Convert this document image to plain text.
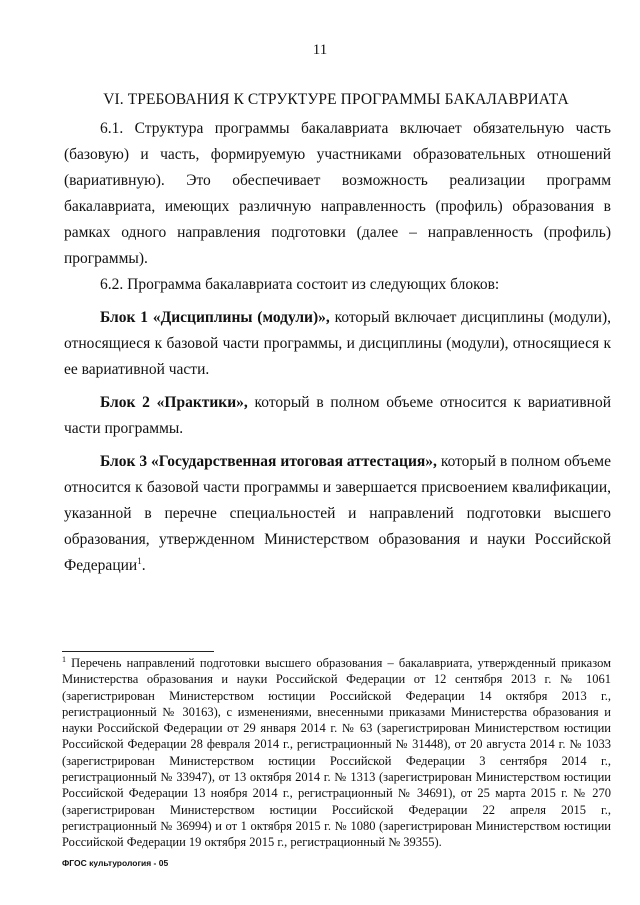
11
VI. ТРЕБОВАНИЯ К СТРУКТУРЕ ПРОГРАММЫ БАКАЛАВРИАТА

6.1. Структура программы бакалавриата включает обязательную часть (базовую) и часть, формируемую участниками образовательных отношений (вариативную). Это обеспечивает возможность реализации программ бакалавриата, имеющих различную направленность (профиль) образования в рамках одного направления подготовки (далее – направленность (профиль) программы).

6.2. Программа бакалавриата состоит из следующих блоков:

Блок 1 «Дисциплины (модули)», который включает дисциплины (модули), относящиеся к базовой части программы, и дисциплины (модули), относящиеся к ее вариативной части.

Блок 2 «Практики», который в полном объеме относится к вариативной части программы.

Блок 3 «Государственная итоговая аттестация», который в полном объеме относится к базовой части программы и завершается присвоением квалификации, указанной в перечне специальностей и направлений подготовки высшего образования, утвержденном Министерством образования и науки Российской Федерации$^1$.

$^1$ Перечень направлений подготовки высшего образования – бакалавриата, утвержденный приказом Министерства образования и науки Российской Федерации от 12 сентября 2013 г. № 1061 (зарегистрирован Министерством юстиции Российской Федерации 14 октября 2013 г., регистрационный № 30163), с изменениями, внесенными приказами Министерства образования и науки Российской Федерации от 29 января 2014 г. № 63 (зарегистрирован Министерством юстиции Российской Федерации 28 февраля 2014 г., регистрационный № 31448), от 20 августа 2014 г. № 1033 (зарегистрирован Министерством юстиции Российской Федерации 3 сентября 2014 г., регистрационный № 33947), от 13 октября 2014 г. № 1313 (зарегистрирован Министерством юстиции Российской Федерации 13 ноября 2014 г., регистрационный № 34691), от 25 марта 2015 г. № 270 (зарегистрирован Министерством юстиции Российской Федерации 22 апреля 2015 г., регистрационный № 36994) и от 1 октября 2015 г. № 1080 (зарегистрирован Министерством юстиции Российской Федерации 19 октября 2015 г., регистрационный № 39355).
ФГОС культурология - 05
